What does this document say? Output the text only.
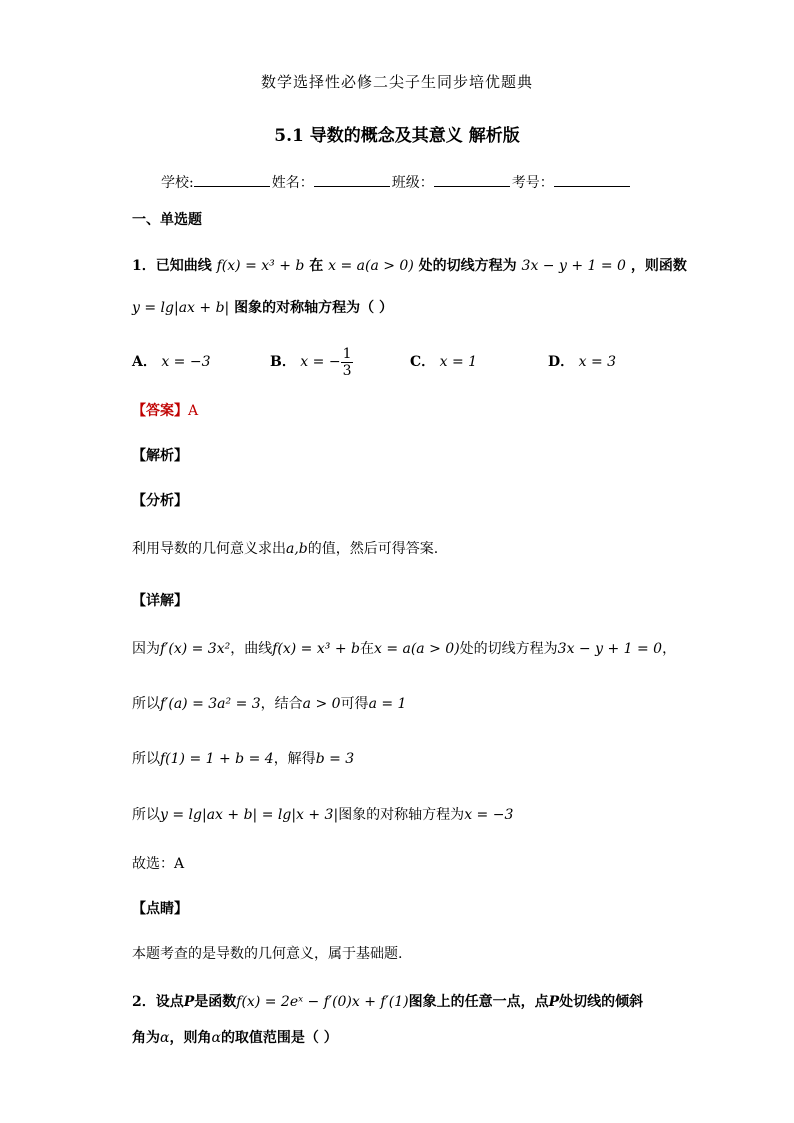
数学选择性必修二尖子生同步培优题典
5.1 导数的概念及其意义 解析版
学校:	姓名：	班级：	考号：
一、单选题
1．已知曲线 f(x) = x³ + b 在 x = a(a > 0) 处的切线方程为 3x − y + 1 = 0 ，则函数
y = lg|ax + b| 图象的对称轴方程为（ ）
A． x = −3	B． x = − $\frac{1}{3}$	C． x = 1	D． x = 3
【答案】A
【解析】
【分析】
利用导数的几何意义求出a,b的值，然后可得答案.
【详解】
因为f′(x) = 3x²，曲线f(x) = x³ + b在x = a(a > 0)处的切线方程为3x − y + 1 = 0，
所以f′(a) = 3a² = 3，结合a > 0可得a = 1
所以f(1) = 1 + b = 4，解得b = 3
所以y = lg|ax + b| = lg|x + 3|图象的对称轴方程为x = −3
故选：A
【点睛】
本题考查的是导数的几何意义，属于基础题.
2．设点P是函数f(x) = 2eˣ − f′(0)x + f′(1)图象上的任意一点，点P处切线的倾斜
角为α，则角α的取值范围是（ ）
